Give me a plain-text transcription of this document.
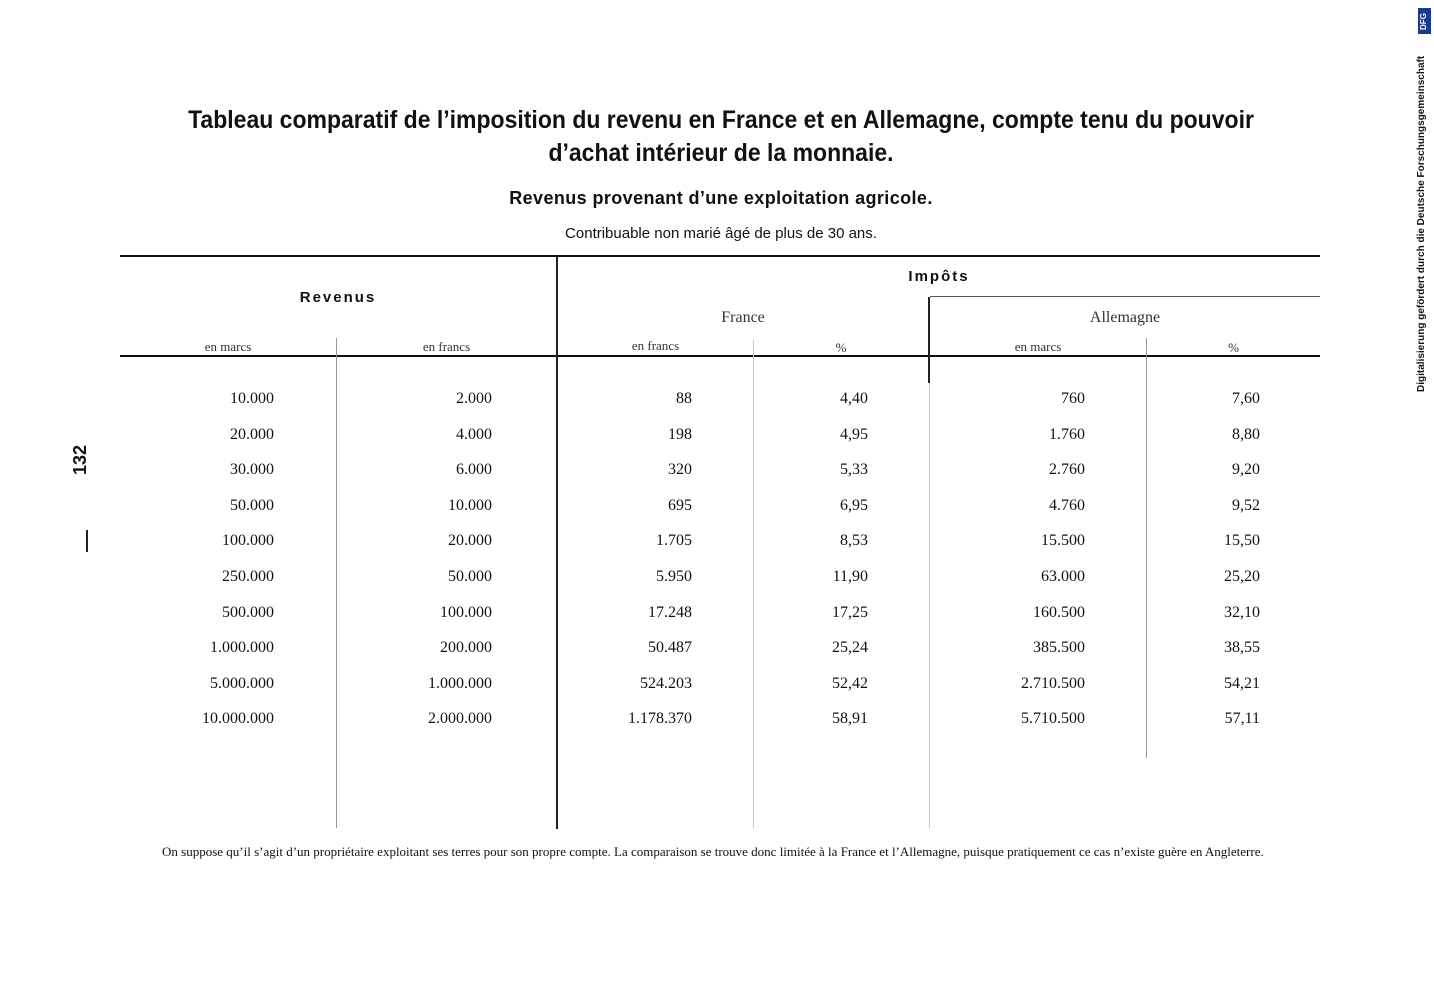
Tableau comparatif de l’imposition du revenu en France et en Allemagne, compte tenu du pouvoir d’achat intérieur de la monnaie.
Revenus provenant d’une exploitation agricole.
Contribuable non marié âgé de plus de 30 ans.
132
DFG
Digitalisierung gefördert durch die Deutsche Forschungsgemeinschaft
Revenus
Impôts
France	Allemagne
en marcs	en francs	en francs	%	en marcs	%
10.000	2.000	88	4,40	760	7,60
20.000	4.000	198	4,95	1.760	8,80
30.000	6.000	320	5,33	2.760	9,20
50.000	10.000	695	6,95	4.760	9,52
100.000	20.000	1.705	8,53	15.500	15,50
250.000	50.000	5.950	11,90	63.000	25,20
500.000	100.000	17.248	17,25	160.500	32,10
1.000.000	200.000	50.487	25,24	385.500	38,55
5.000.000	1.000.000	524.203	52,42	2.710.500	54,21
10.000.000	2.000.000	1.178.370	58,91	5.710.500	57,11
On suppose qu’il s’agit d’un propriétaire exploitant ses terres pour son propre compte. La comparaison se trouve donc limitée à la France et l’Allemagne, puisque pratiquement ce cas n’existe guère en Angleterre.
